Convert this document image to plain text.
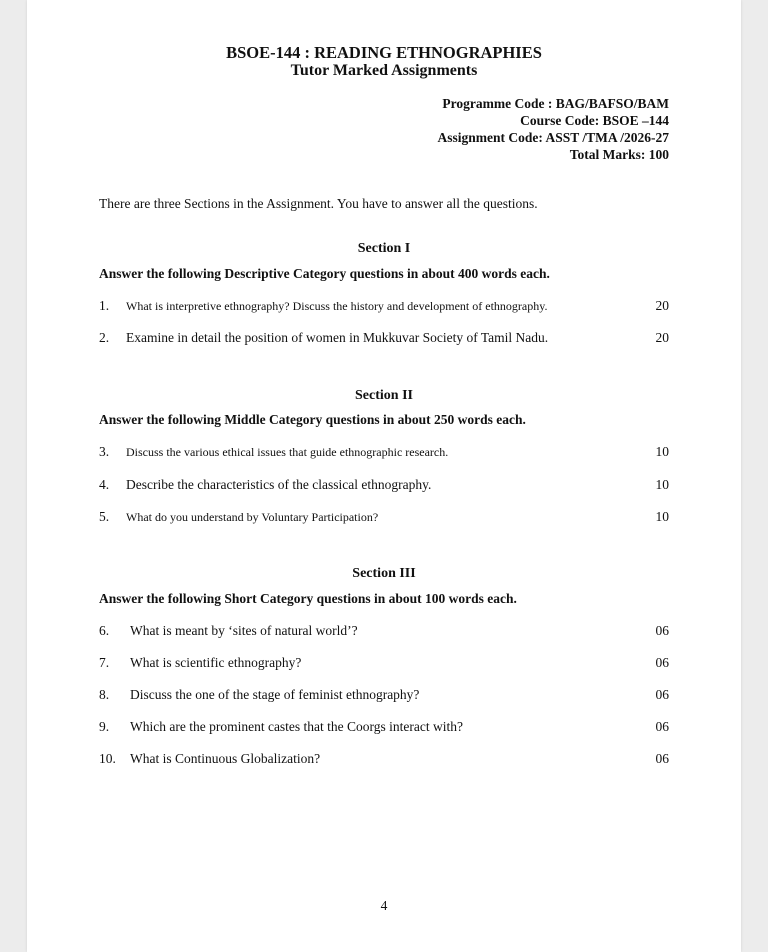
BSOE-144 : READING ETHNOGRAPHIES
Tutor Marked Assignments
Programme Code : BAG/BAFSO/BAM
Course Code: BSOE –144
Assignment Code: ASST /TMA /2026-27
Total Marks: 100
There are three Sections in the Assignment. You have to answer all the questions.
Section I
Answer the following Descriptive Category questions in about 400 words each.
1. What is interpretive ethnography? Discuss the history and development of ethnography.	20
2. Examine in detail the position of women in Mukkuvar Society of Tamil Nadu.	20
Section II
Answer the following Middle Category questions in about 250 words each.
3. Discuss the various ethical issues that guide ethnographic research.	10
4. Describe the characteristics of the classical ethnography.	10
5. What do you understand by Voluntary Participation?	10
Section III
Answer the following Short Category questions in about 100 words each.
6. What is meant by ‘sites of natural world’?	06
7. What is scientific ethnography?	06
8. Discuss the one of the stage of feminist ethnography?	06
9. Which are the prominent castes that the Coorgs interact with?	06
10. What is Continuous Globalization?	06
4
